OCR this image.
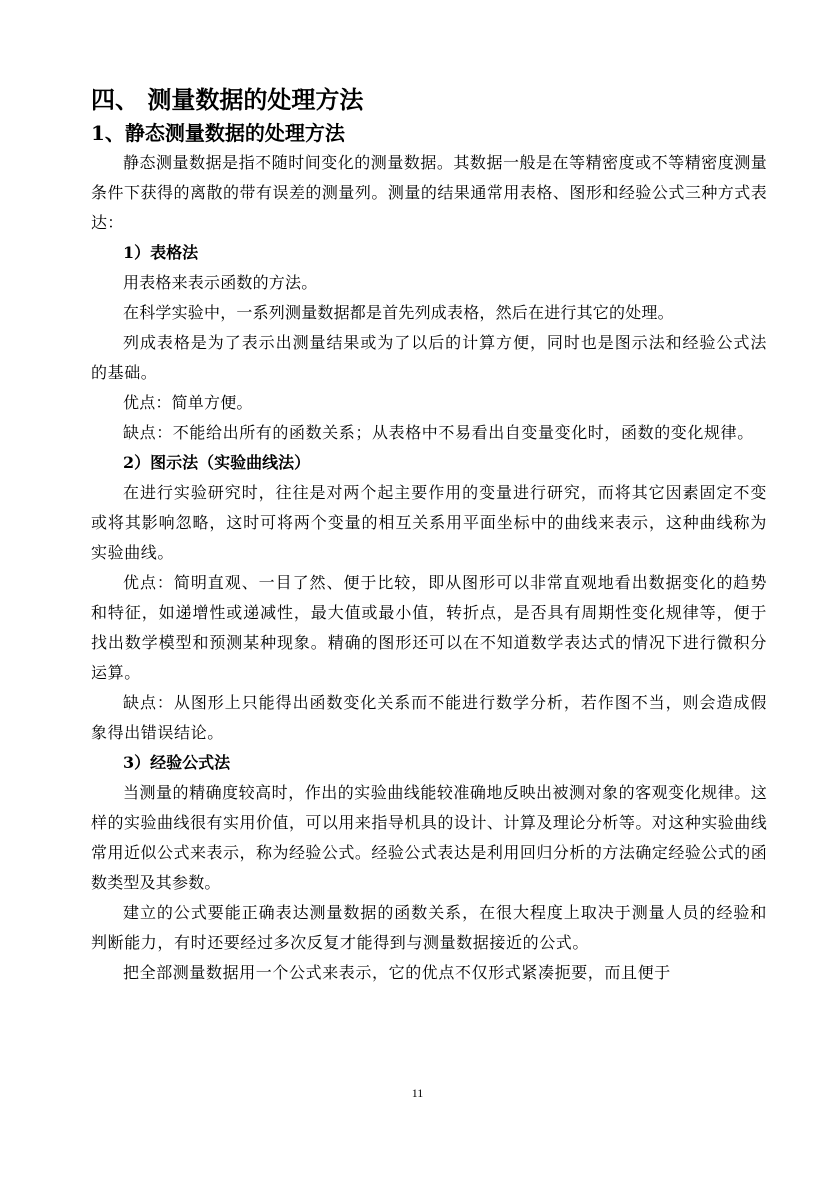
四、 测量数据的处理方法
1、静态测量数据的处理方法

静态测量数据是指不随时间变化的测量数据。其数据一般是在等精密度或不等精密度测量条件下获得的离散的带有误差的测量列。测量的结果通常用表格、图形和经验公式三种方式表达：

1）表格法

用表格来表示函数的方法。

在科学实验中，一系列测量数据都是首先列成表格，然后在进行其它的处理。

列成表格是为了表示出测量结果或为了以后的计算方便，同时也是图示法和经验公式法的基础。

优点：简单方便。

缺点：不能给出所有的函数关系；从表格中不易看出自变量变化时，函数的变化规律。

2）图示法（实验曲线法）

在进行实验研究时，往往是对两个起主要作用的变量进行研究，而将其它因素固定不变或将其影响忽略，这时可将两个变量的相互关系用平面坐标中的曲线来表示，这种曲线称为实验曲线。

优点：简明直观、一目了然、便于比较，即从图形可以非常直观地看出数据变化的趋势和特征，如递增性或递减性，最大值或最小值，转折点，是否具有周期性变化规律等，便于找出数学模型和预测某种现象。精确的图形还可以在不知道数学表达式的情况下进行微积分运算。

缺点：从图形上只能得出函数变化关系而不能进行数学分析，若作图不当，则会造成假象得出错误结论。

3）经验公式法

当测量的精确度较高时，作出的实验曲线能较准确地反映出被测对象的客观变化规律。这样的实验曲线很有实用价值，可以用来指导机具的设计、计算及理论分析等。对这种实验曲线常用近似公式来表示，称为经验公式。经验公式表达是利用回归分析的方法确定经验公式的函数类型及其参数。

建立的公式要能正确表达测量数据的函数关系，在很大程度上取决于测量人员的经验和判断能力，有时还要经过多次反复才能得到与测量数据接近的公式。

把全部测量数据用一个公式来表示，它的优点不仅形式紧凑扼要，而且便于

11
